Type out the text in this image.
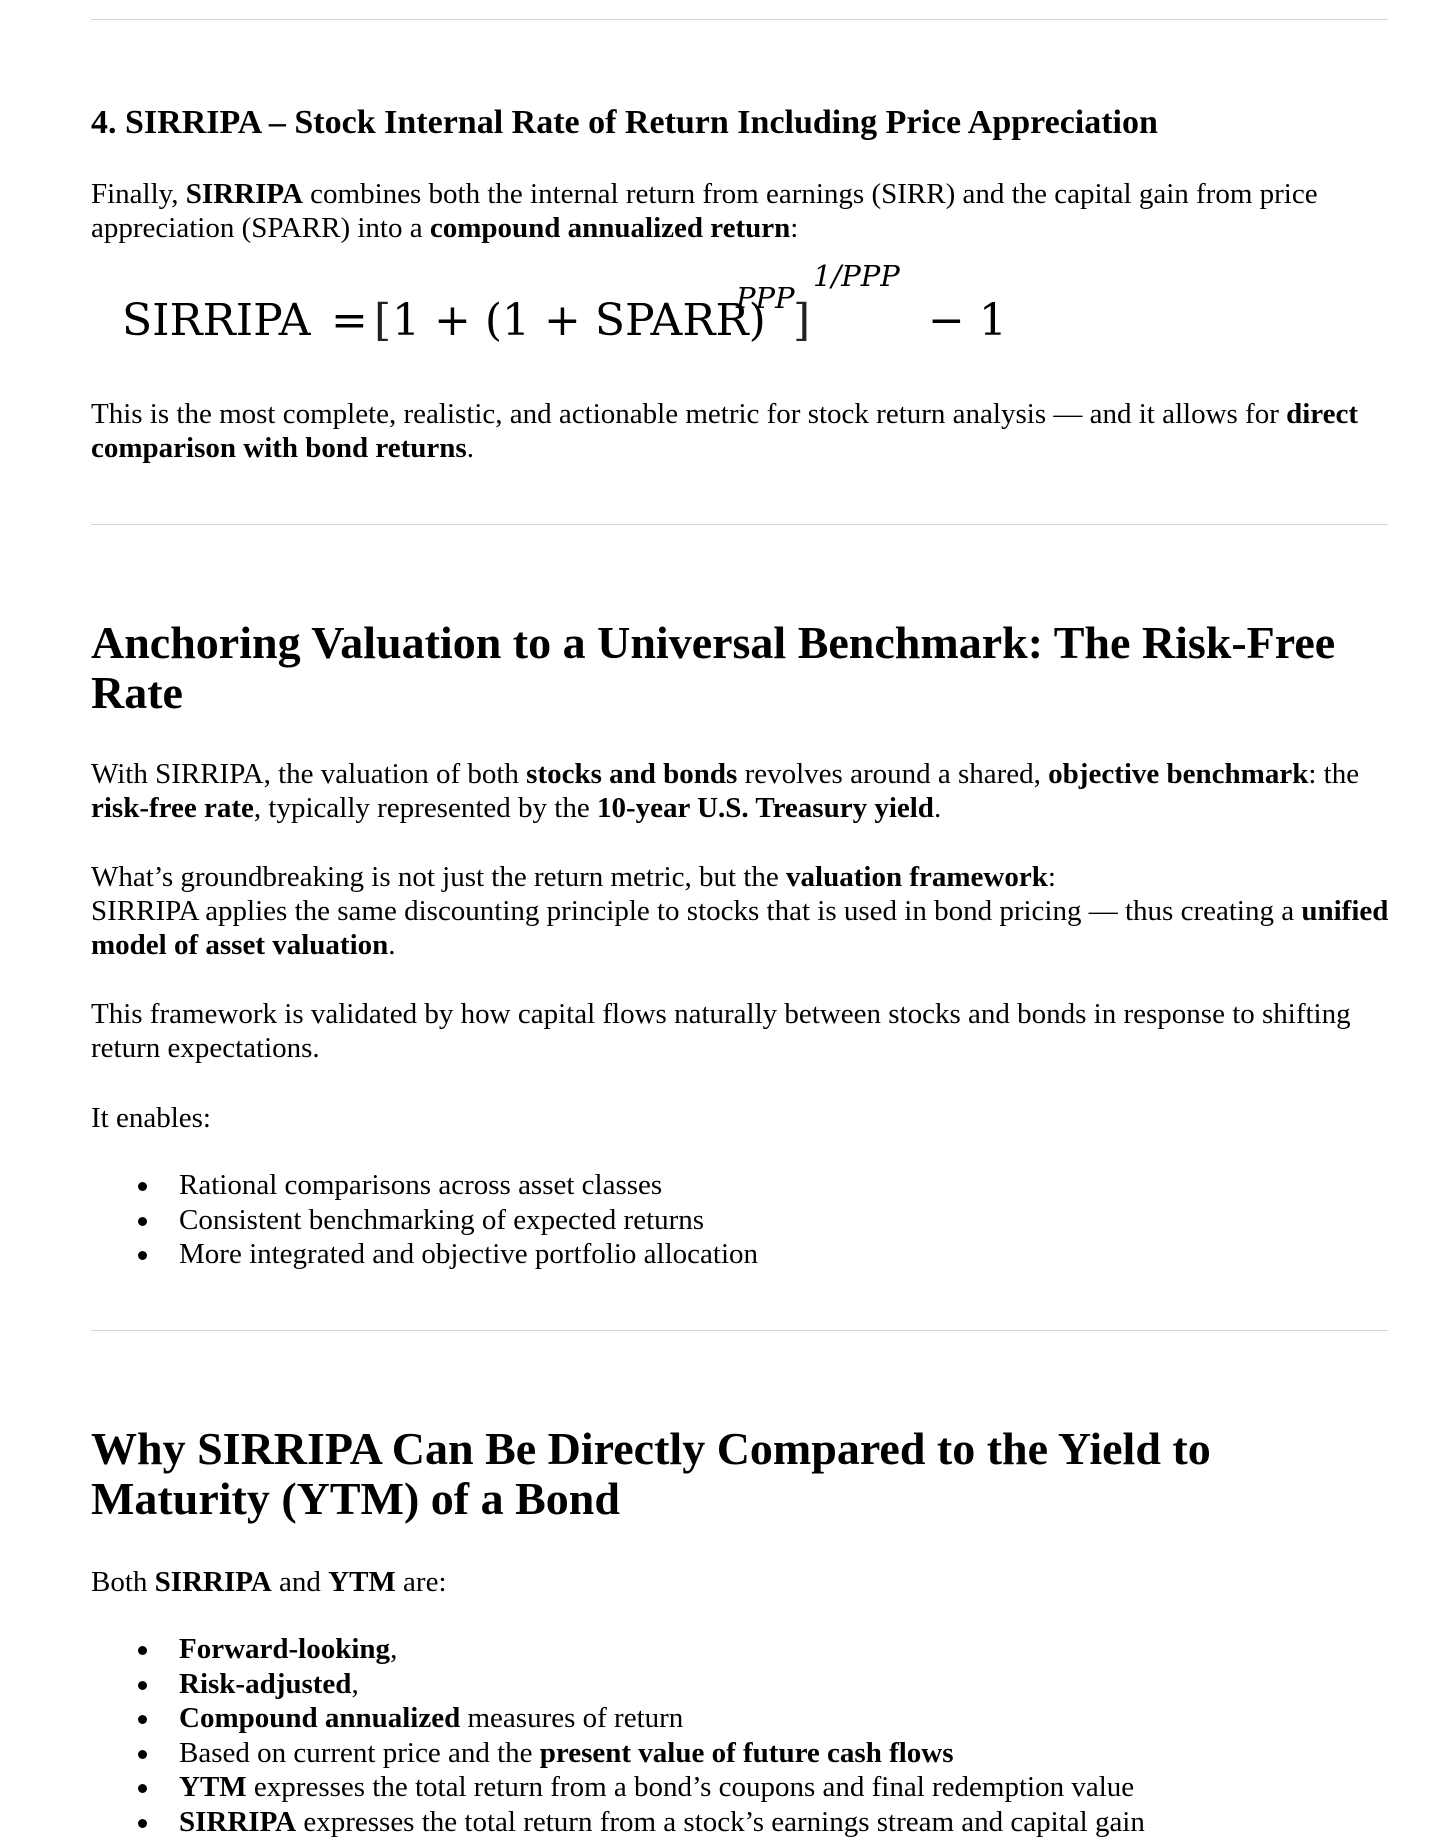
4. SIRRIPA – Stock Internal Rate of Return Including Price Appreciation

Finally, SIRRIPA combines both the internal return from earnings (SIRR) and the capital gain from price appreciation (SPARR) into a compound annualized return:

SIRRIPA = [ 1 + (1 + SPARR)
PPP
]
1/PPP
− 1

This is the most complete, realistic, and actionable metric for stock return analysis — and it allows for direct comparison with bond returns.

Anchoring Valuation to a Universal Benchmark: The Risk-Free Rate

With SIRRIPA, the valuation of both stocks and bonds revolves around a shared, objective benchmark: the risk-free rate, typically represented by the 10-year U.S. Treasury yield.

What’s groundbreaking is not just the return metric, but the valuation framework:
SIRRIPA applies the same discounting principle to stocks that is used in bond pricing — thus creating a unified model of asset valuation.

This framework is validated by how capital flows naturally between stocks and bonds in response to shifting return expectations.

It enables:

Rational comparisons across asset classes
Consistent benchmarking of expected returns
More integrated and objective portfolio allocation
Why SIRRIPA Can Be Directly Compared to the Yield to Maturity (YTM) of a Bond

Both SIRRIPA and YTM are:

Forward-looking,
Risk-adjusted,
Compound annualized measures of return
Based on current price and the present value of future cash flows
YTM expresses the total return from a bond’s coupons and final redemption value
SIRRIPA expresses the total return from a stock’s earnings stream and capital gain
